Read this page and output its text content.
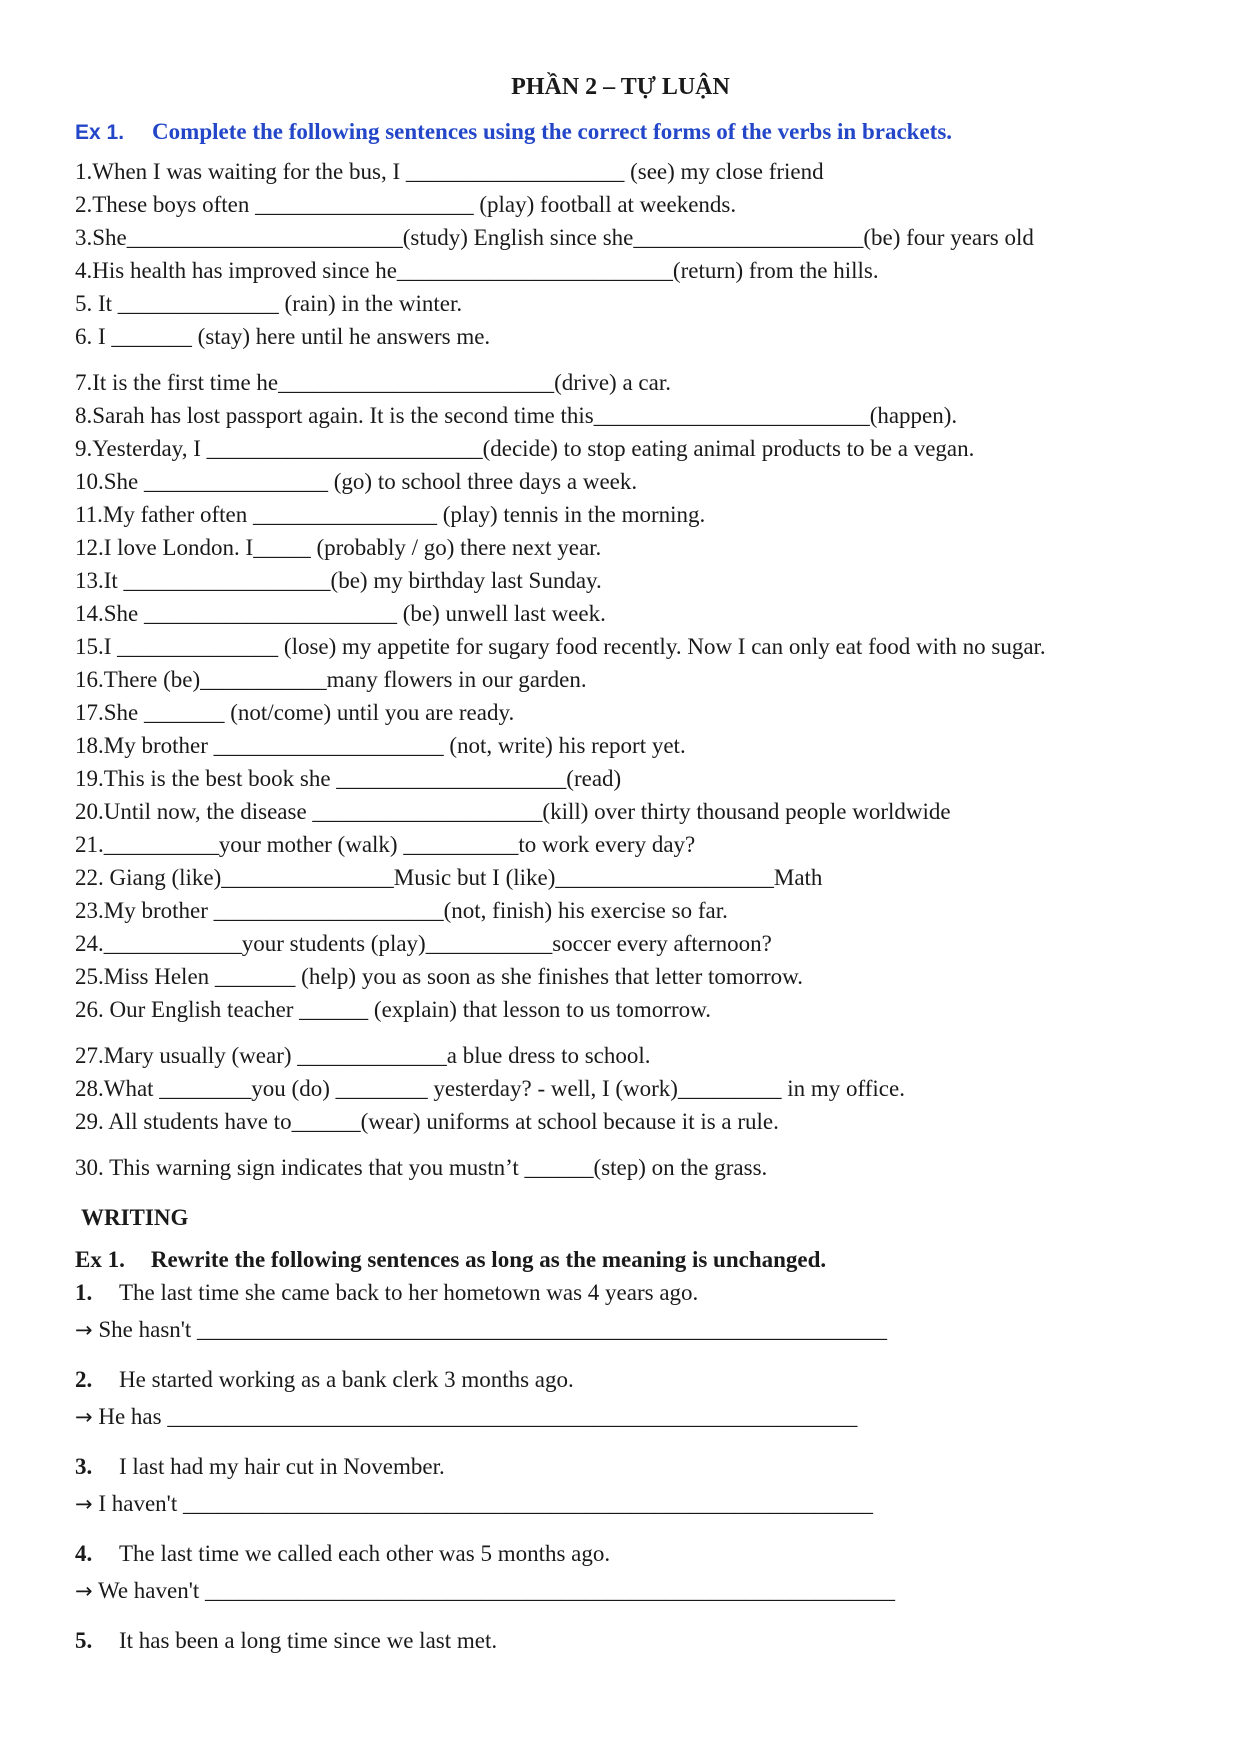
PHẦN 2 – TỰ LUẬN
Ex 1. Complete the following sentences using the correct forms of the verbs in brackets.
1.When I was waiting for the bus, I ___________________ (see) my close friend
2.These boys often ___________________ (play) football at weekends.
3.She________________________(study) English since she____________________(be) four years old
4.His health has improved since he________________________(return) from the hills.
5. It ______________ (rain) in the winter.
6. I _______ (stay) here until he answers me.
7.It is the first time he________________________(drive) a car.
8.Sarah has lost passport again. It is the second time this________________________(happen).
9.Yesterday, I ________________________(decide) to stop eating animal products to be a vegan.
10.She ________________ (go) to school three days a week.
11.My father often ________________ (play) tennis in the morning.
12.I love London. I_____ (probably / go) there next year.
13.It __________________(be) my birthday last Sunday.
14.She ______________________ (be) unwell last week.
15.I ______________ (lose) my appetite for sugary food recently. Now I can only eat food with no sugar.
16.There (be)___________many flowers in our garden.
17.She _______ (not/come) until you are ready.
18.My brother ____________________ (not, write) his report yet.
19.This is the best book she ____________________(read)
20.Until now, the disease ____________________(kill) over thirty thousand people worldwide
21.__________your mother (walk) __________to work every day?
22. Giang (like)_______________Music but I (like)___________________Math
23.My brother ____________________(not, finish) his exercise so far.
24.____________your students (play)___________soccer every afternoon?
25.Miss Helen _______ (help) you as soon as she finishes that letter tomorrow.
26. Our English teacher ______ (explain) that lesson to us tomorrow.
27.Mary usually (wear) _____________a blue dress to school.
28.What ________you (do) ________ yesterday? - well, I (work)_________ in my office.
29. All students have to______(wear) uniforms at school because it is a rule.
30. This warning sign indicates that you mustn’t ______(step) on the grass.
WRITING
Ex 1. Rewrite the following sentences as long as the meaning is unchanged.
1. The last time she came back to her hometown was 4 years ago.
→ She hasn't ____________________________________________________________
2. He started working as a bank clerk 3 months ago.
→ He has ____________________________________________________________
3. I last had my hair cut in November.
→ I haven't ____________________________________________________________
4. The last time we called each other was 5 months ago.
→ We haven't ____________________________________________________________
5. It has been a long time since we last met.
